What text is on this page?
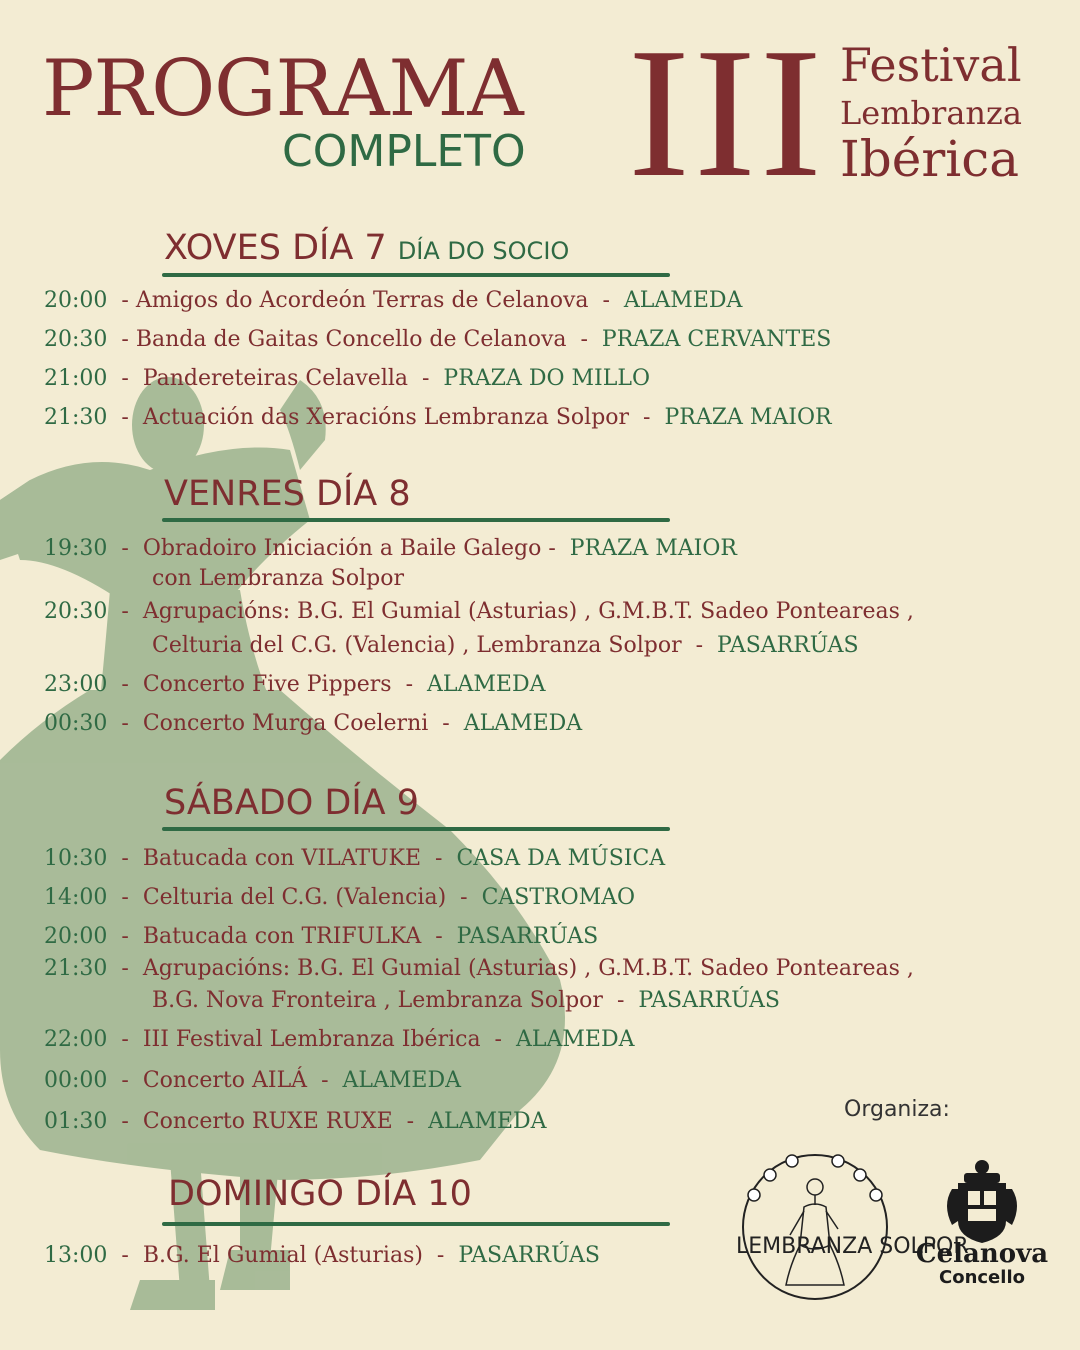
PROGRAMA
COMPLETO III Festival
Lembranza
Ibérica
XOVES DÍA 7 DÍA DO SOCIO
20:00  - Amigos do Acordeón Terras de Celanova  -  ALAMEDA
20:30  - Banda de Gaitas Concello de Celanova  -  PRAZA CERVANTES
21:00  -  Pandereteiras Celavella  -  PRAZA DO MILLO
21:30  -  Actuación das Xeracións Lembranza Solpor  -  PRAZA MAIOR
VENRES DÍA 8
19:30  -  Obradoiro Iniciación a Baile Galego - PRAZA MAIOR
con Lembranza Solpor
20:30  -  Agrupacións: B.G. El Gumial (Asturias) , G.M.B.T. Sadeo Ponteareas ,
Celturia del C.G. (Valencia) , Lembranza Solpor  -  PASARRÚAS
23:00  -  Concerto Five Pippers  -  ALAMEDA
00:30  -  Concerto Murga Coelerni  -  ALAMEDA
SÁBADO DÍA 9
10:30  -  Batucada con VILATUKE  -  CASA DA MÚSICA
14:00  -  Celturia del C.G. (Valencia)  -  CASTROMAO
20:00  -  Batucada con TRIFULKA  -  PASARRÚAS
21:30  -  Agrupacións: B.G. El Gumial (Asturias) , G.M.B.T. Sadeo Ponteareas ,
B.G. Nova Fronteira , Lembranza Solpor  -  PASARRÚAS
22:00  -  III Festival Lembranza Ibérica  -  ALAMEDA
00:00  -  Concerto AILÁ  -  ALAMEDA
01:30  -  Concerto RUXE RUXE  -  ALAMEDA
DOMINGO DÍA 10
13:00  -  B.G. El Gumial (Asturias)  -  PASARRÚAS
Organiza:
LEMBRANZA SOLPOR
Celanova
Concello
